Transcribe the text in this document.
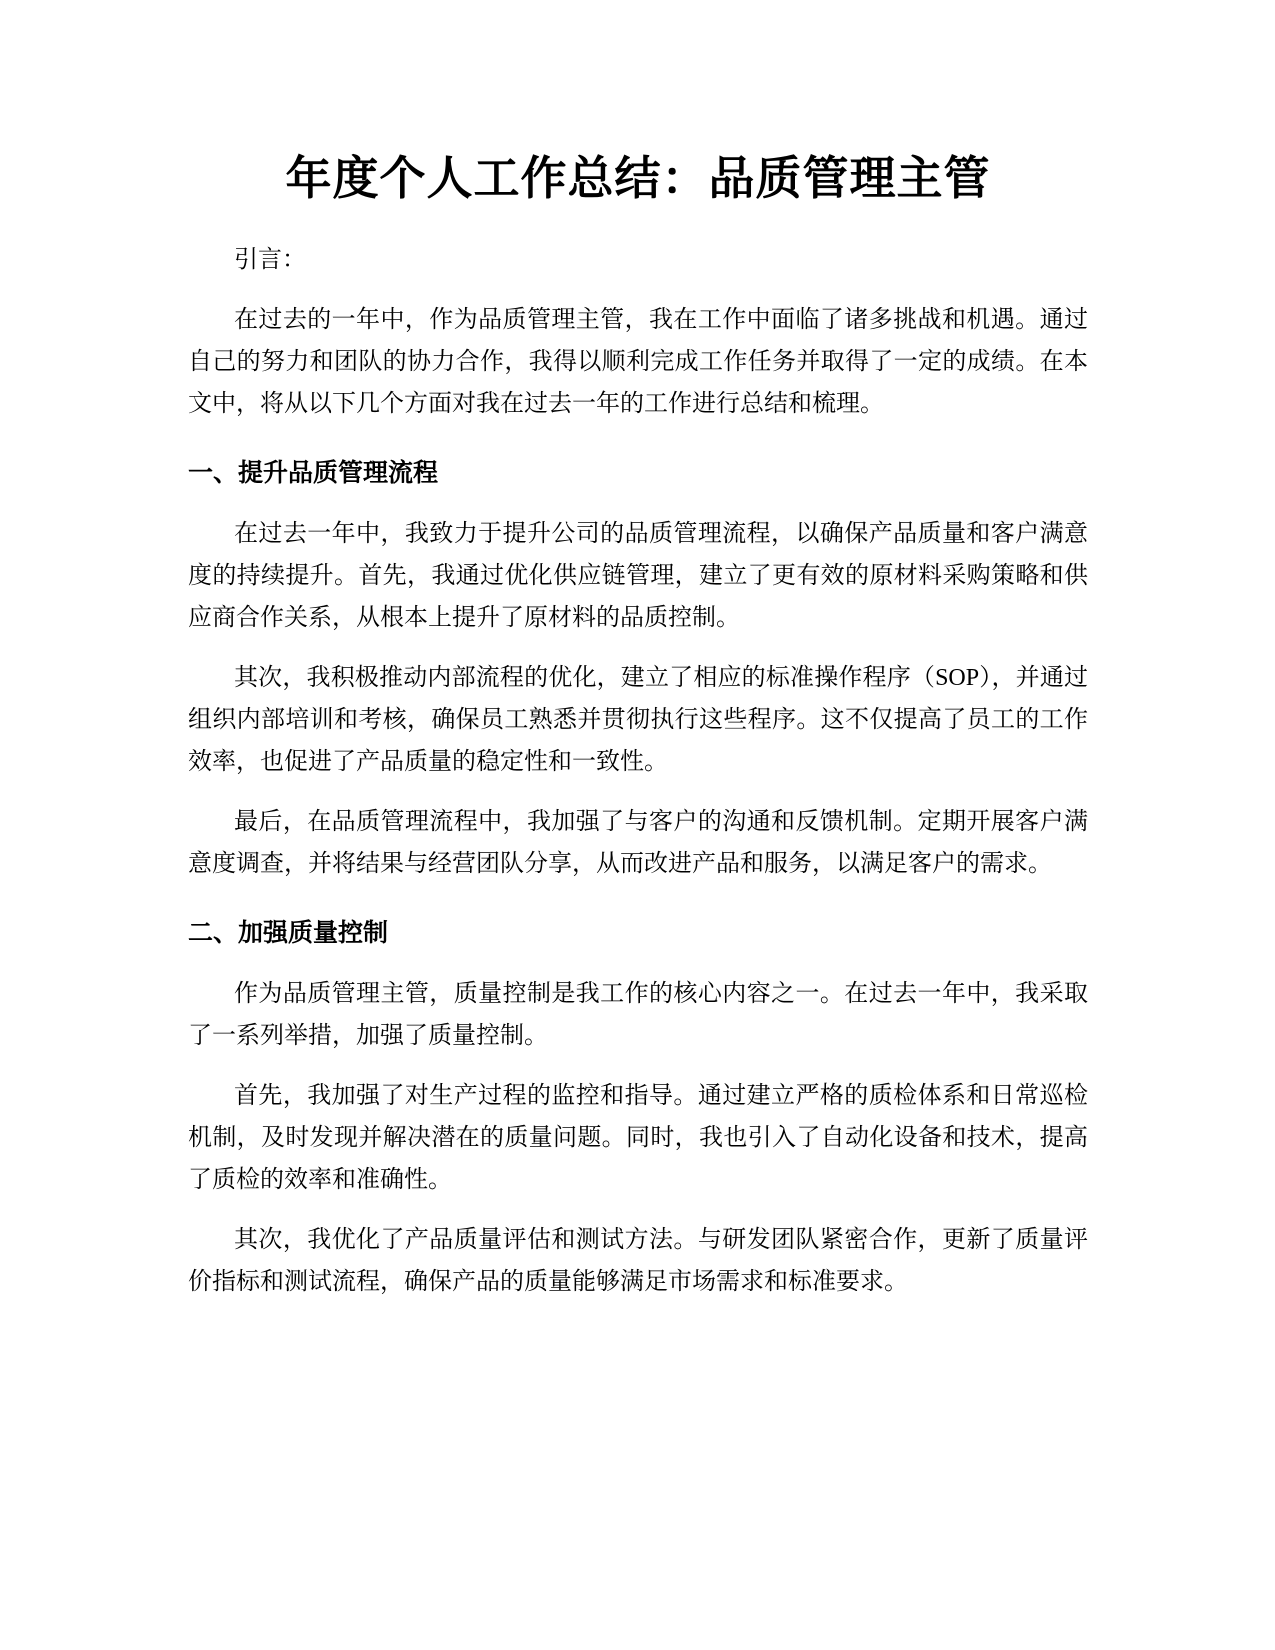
年度个人工作总结：品质管理主管

引言：

在过去的一年中，作为品质管理主管，我在工作中面临了诸多挑战和机遇。通过自己的努力和团队的协力合作，我得以顺利完成工作任务并取得了一定的成绩。在本文中，将从以下几个方面对我在过去一年的工作进行总结和梳理。

一、提升品质管理流程

在过去一年中，我致力于提升公司的品质管理流程，以确保产品质量和客户满意度的持续提升。首先，我通过优化供应链管理，建立了更有效的原材料采购策略和供应商合作关系，从根本上提升了原材料的品质控制。

其次，我积极推动内部流程的优化，建立了相应的标准操作程序（SOP），并通过组织内部培训和考核，确保员工熟悉并贯彻执行这些程序。这不仅提高了员工的工作效率，也促进了产品质量的稳定性和一致性。

最后，在品质管理流程中，我加强了与客户的沟通和反馈机制。定期开展客户满意度调查，并将结果与经营团队分享，从而改进产品和服务，以满足客户的需求。

二、加强质量控制

作为品质管理主管，质量控制是我工作的核心内容之一。在过去一年中，我采取了一系列举措，加强了质量控制。

首先，我加强了对生产过程的监控和指导。通过建立严格的质检体系和日常巡检机制，及时发现并解决潜在的质量问题。同时，我也引入了自动化设备和技术，提高了质检的效率和准确性。

其次，我优化了产品质量评估和测试方法。与研发团队紧密合作，更新了质量评价指标和测试流程，确保产品的质量能够满足市场需求和标准要求。
